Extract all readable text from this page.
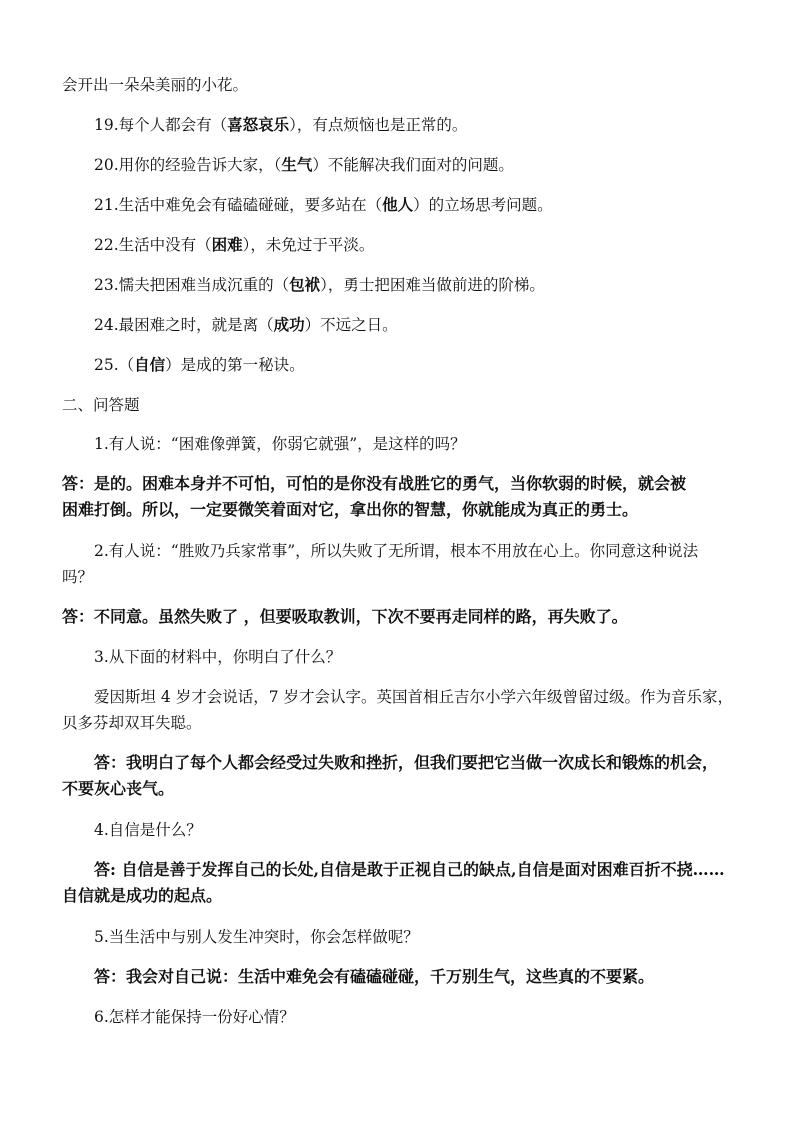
会开出一朵朵美丽的小花。
19.每个人都会有（喜怒哀乐），有点烦恼也是正常的。
20.用你的经验告诉大家，（生气）不能解决我们面对的问题。
21.生活中难免会有磕磕碰碰，要多站在（他人）的立场思考问题。
22.生活中没有（困难），未免过于平淡。
23.懦夫把困难当成沉重的（包袱），勇士把困难当做前进的阶梯。
24.最困难之时，就是离（成功）不远之日。
25.（自信）是成的第一秘诀。
二、问答题
1.有人说：“困难像弹簧，你弱它就强”，是这样的吗？
答：是的。困难本身并不可怕，可怕的是你没有战胜它的勇气，当你软弱的时候，就会被
困难打倒。所以，一定要微笑着面对它，拿出你的智慧，你就能成为真正的勇士。
2.有人说：“胜败乃兵家常事”，所以失败了无所谓，根本不用放在心上。你同意这种说法
吗？
答：不同意。虽然失败了 ，但要吸取教训，下次不要再走同样的路，再失败了。
3.从下面的材料中，你明白了什么？
爱因斯坦 4 岁才会说话，7 岁才会认字。英国首相丘吉尔小学六年级曾留过级。作为音乐家，
贝多芬却双耳失聪。
答：我明白了每个人都会经受过失败和挫折，但我们要把它当做一次成长和锻炼的机会，
不要灰心丧气。
4.自信是什么？
答: 自信是善于发挥自己的长处,自信是敢于正视自己的缺点,自信是面对困难百折不挠……
自信就是成功的起点。
5.当生活中与别人发生冲突时，你会怎样做呢？
答：我会对自己说：生活中难免会有磕磕碰碰，千万别生气，这些真的不要紧。
6.怎样才能保持一份好心情？
